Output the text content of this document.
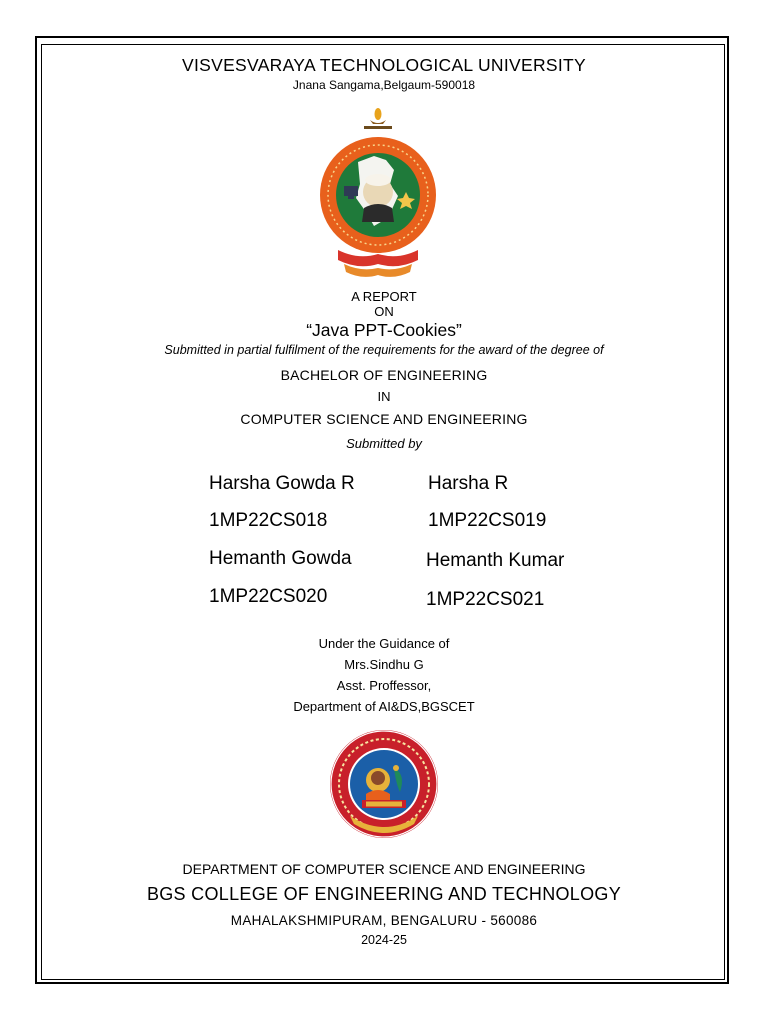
VISVESVARAYA TECHNOLOGICAL UNIVERSITY
Jnana Sangama,Belgaum-590018
A REPORT
ON
“Java PPT-Cookies”
Submitted in partial fulfilment of the requirements for the award of the degree of
BACHELOR OF ENGINEERING
IN
COMPUTER SCIENCE AND ENGINEERING
Submitted by
Harsha Gowda R	Harsha R
1MP22CS018	1MP22CS019
Hemanth Gowda	Hemanth Kumar
1MP22CS020	1MP22CS021
Under the Guidance of
Mrs.Sindhu G
Asst. Proffessor,
Department of AI&DS,BGSCET
DEPARTMENT OF COMPUTER SCIENCE AND ENGINEERING
BGS COLLEGE OF ENGINEERING AND TECHNOLOGY
MAHALAKSHMIPURAM, BENGALURU - 560086
2024-25
